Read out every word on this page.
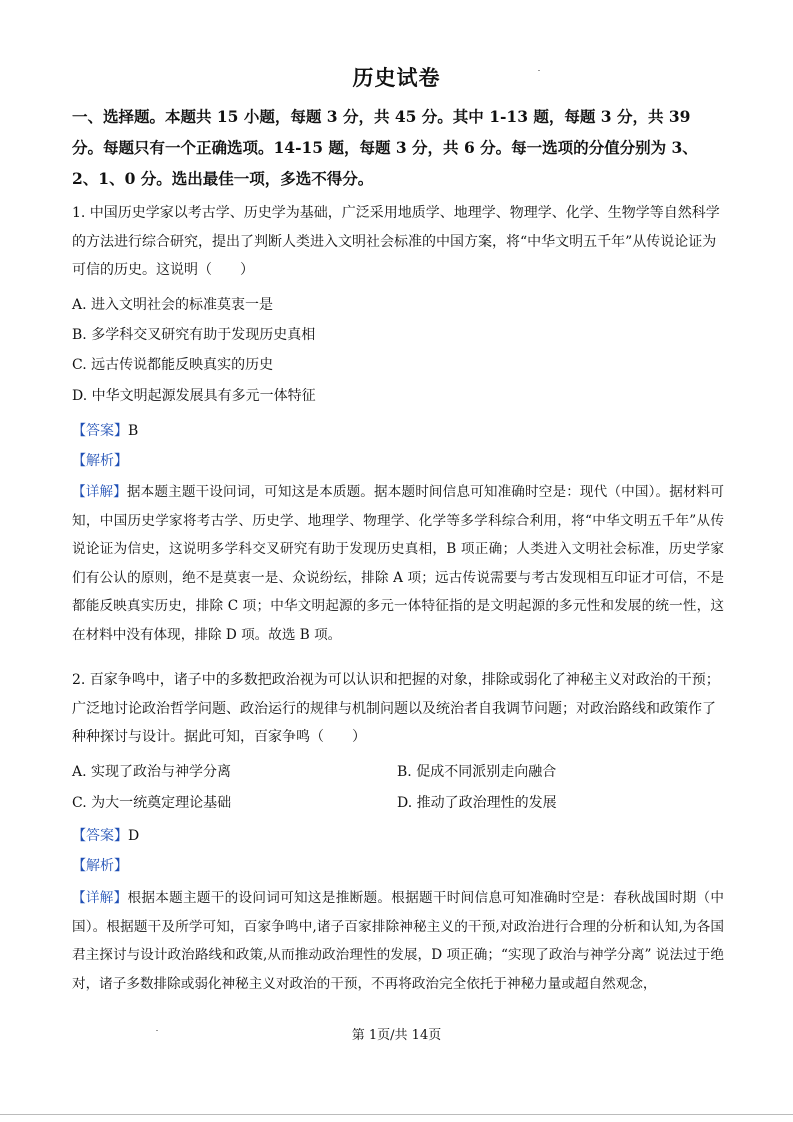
历史试卷
一、选择题。本题共 15 小题，每题 3 分，共 45 分。其中 1-13 题，每题 3 分，共 39 分。每题只有一个正确选项。14-15 题，每题 3 分，共 6 分。每一选项的分值分别为 3、2、1、0 分。选出最佳一项，多选不得分。
1. 中国历史学家以考古学、历史学为基础，广泛采用地质学、地理学、物理学、化学、生物学等自然科学的方法进行综合研究，提出了判断人类进入文明社会标准的中国方案，将“中华文明五千年”从传说论证为可信的历史。这说明（　　）
A. 进入文明社会的标准莫衷一是
B. 多学科交叉研究有助于发现历史真相
C. 远古传说都能反映真实的历史
D. 中华文明起源发展具有多元一体特征
【答案】B
【解析】
【详解】据本题主题干设问词，可知这是本质题。据本题时间信息可知准确时空是：现代（中国）。据材料可知，中国历史学家将考古学、历史学、地理学、物理学、化学等多学科综合利用，将“中华文明五千年”从传说论证为信史，这说明多学科交叉研究有助于发现历史真相，B 项正确；人类进入文明社会标准，历史学家们有公认的原则，绝不是莫衷一是、众说纷纭，排除 A 项；远古传说需要与考古发现相互印证才可信，不是都能反映真实历史，排除 C 项；中华文明起源的多元一体特征指的是文明起源的多元性和发展的统一性，这在材料中没有体现，排除 D 项。故选 B 项。
2. 百家争鸣中，诸子中的多数把政治视为可以认识和把握的对象，排除或弱化了神秘主义对政治的干预；广泛地讨论政治哲学问题、政治运行的规律与机制问题以及统治者自我调节问题；对政治路线和政策作了种种探讨与设计。据此可知，百家争鸣（　　）
A. 实现了政治与神学分离	B. 促成不同派别走向融合
C. 为大一统奠定理论基础	D. 推动了政治理性的发展
【答案】D
【解析】
【详解】根据本题主题干的设问词可知这是推断题。根据题干时间信息可知准确时空是：春秋战国时期（中国）。根据题干及所学可知，百家争鸣中,诸子百家排除神秘主义的干预,对政治进行合理的分析和认知,为各国君主探讨与设计政治路线和政策,从而推动政治理性的发展，D 项正确；“实现了政治与神学分离” 说法过于绝对，诸子多数排除或弱化神秘主义对政治的干预，不再将政治完全依托于神秘力量或超自然观念，
第 1页/共 14页
